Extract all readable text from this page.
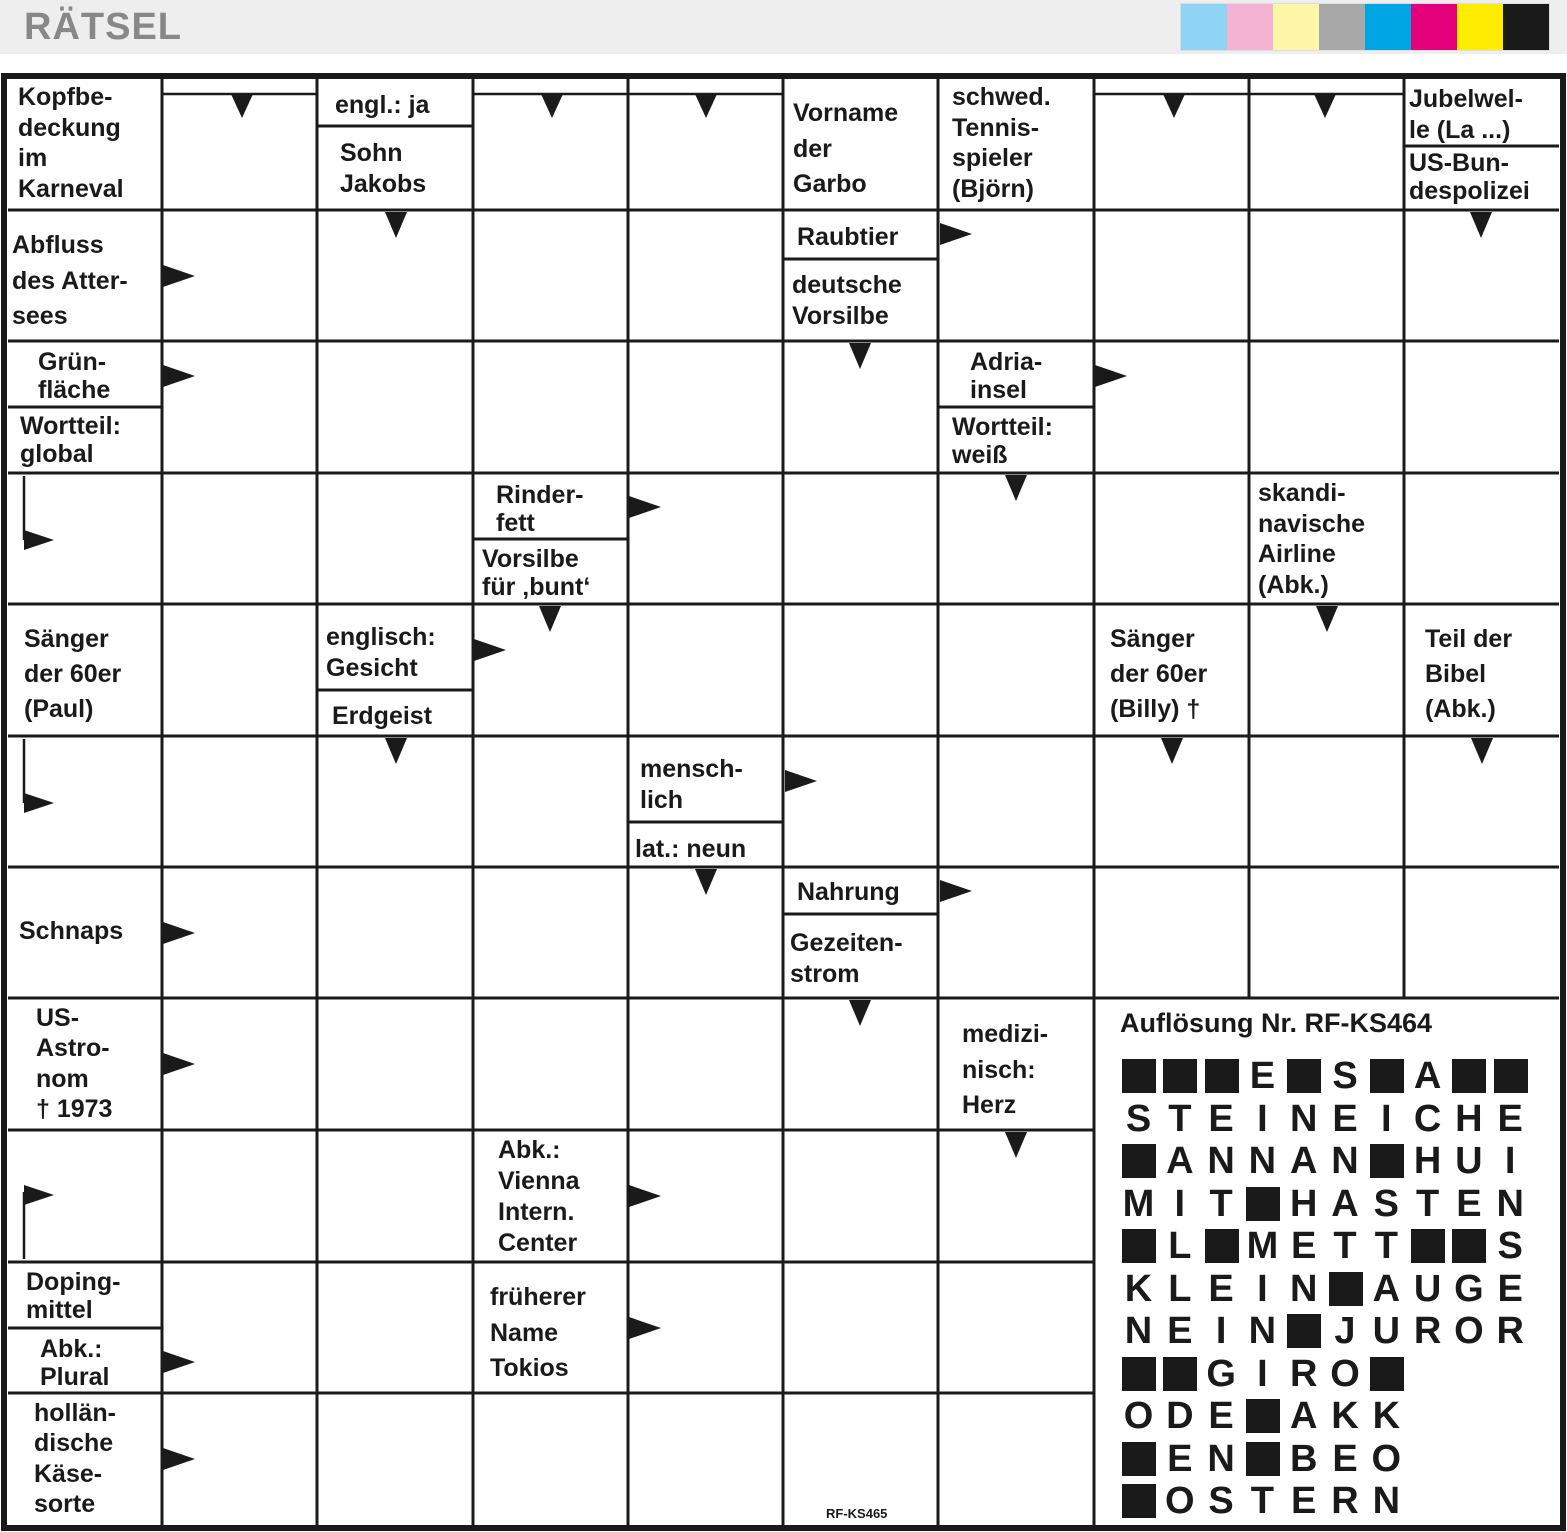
RÄTSEL
Kopfbe-
deckung
im
Karneval
engl.: ja
Sohn
Jakobs
Vorname
der
Garbo
schwed.
Tennis-
spieler
(Björn)
Jubelwel-
le (La ...)
US-Bun-
despolizei
Abfluss
des Atter-
sees
Raubtier
deutsche
Vorsilbe
Grün-
fläche
Wortteil:
global
Adria-
insel
Wortteil:
weiß
Rinder-
fett
Vorsilbe
für ‚bunt‘
skandi-
navische
Airline
(Abk.)
Sänger
der 60er
(Paul)
englisch:
Gesicht
Erdgeist
Sänger
der 60er
(Billy) †
Teil der
Bibel
(Abk.)
mensch-
lich
lat.: neun
Schnaps
Nahrung
Gezeiten-
strom
US-
Astro-
nom
† 1973
medizi-
nisch:
Herz
Abk.:
Vienna
Intern.
Center
Doping-
mittel
Abk.:
Plural
früherer
Name
Tokios
hollän-
dische
Käse-
sorte
Auflösung Nr. RF-KS464
E S A
S T E I N E I C H E
A N N A N H U I
M I T H A S T E N
L M E T T	S
K L E I N A U G E
N E I N J U R O R
G I R O
O D E A K K
E N B E O
O S T E R N
RF-KS465
